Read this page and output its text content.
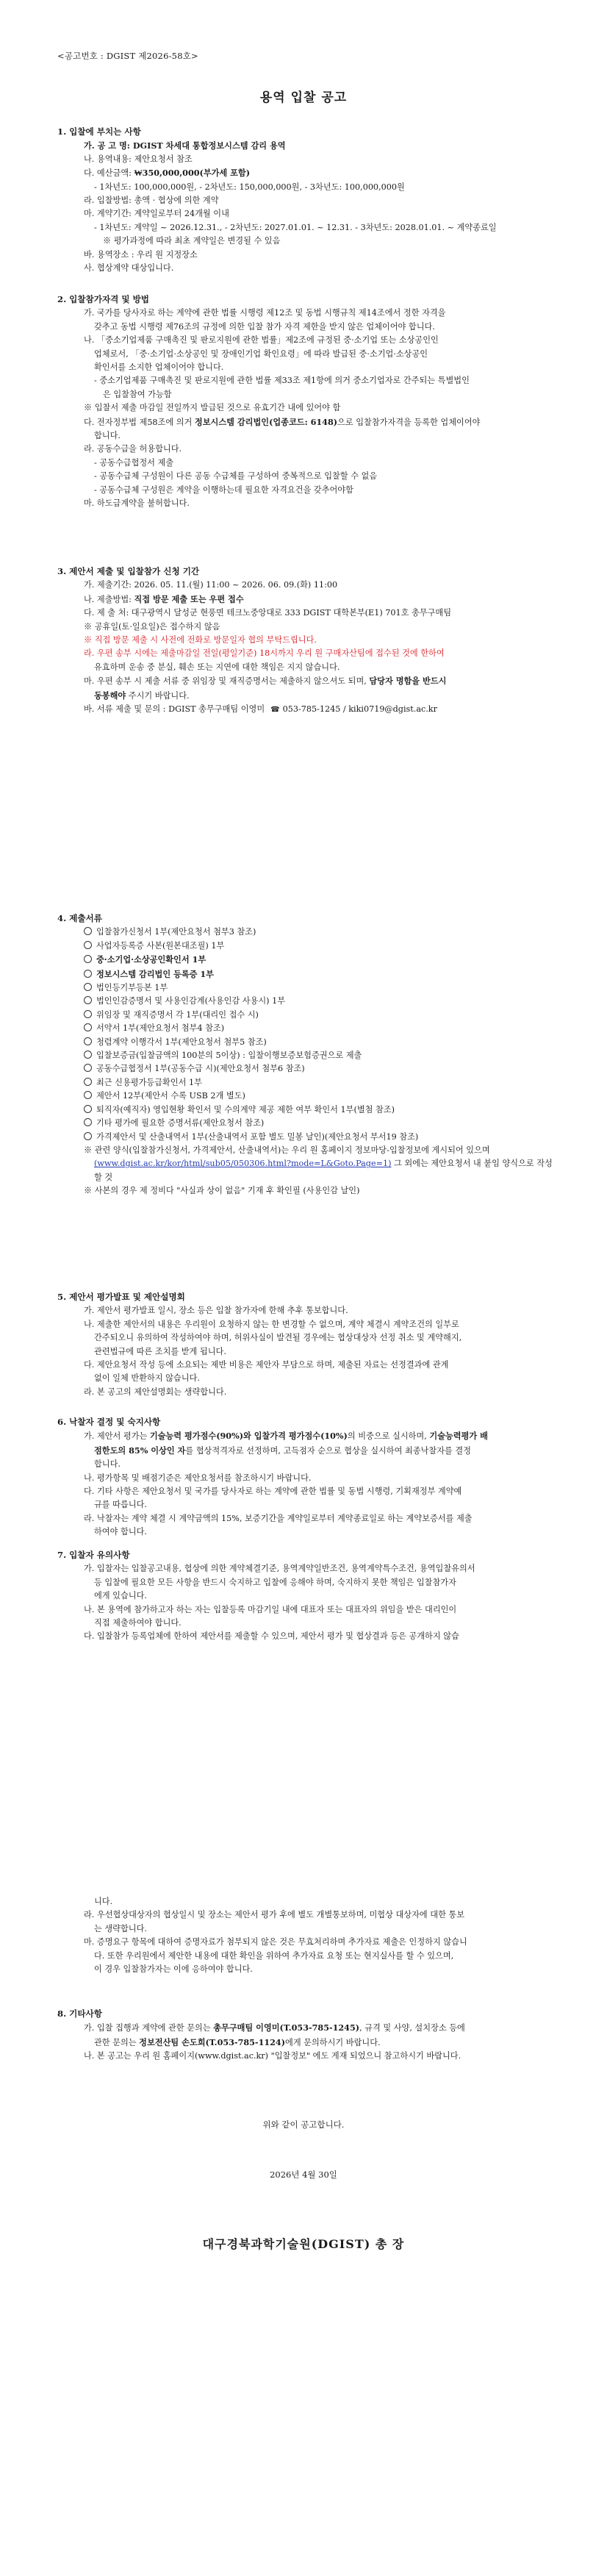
<공고번호 : DGIST 제2026-58호>
용역 입찰 공고
1. 입찰에 부치는 사항
가. 공 고 명: DGIST 차세대 통합정보시스템 감리 용역
나. 용역내용: 제안요청서 참조
다. 예산금액: ₩350,000,000(부가세 포함)
- 1차년도: 100,000,000원, - 2차년도: 150,000,000원, - 3차년도: 100,000,000원
라. 입찰방법: 총액 · 협상에 의한 계약
마. 계약기간: 계약일로부터 24개월 이내
- 1차년도: 계약일 ~ 2026.12.31., - 2차년도: 2027.01.01. ~ 12.31. - 3차년도: 2028.01.01. ~ 계약종료일
※ 평가과정에 따라 최초 계약일은 변경될 수 있음
바. 용역장소 : 우리 원 지정장소
사. 협상계약 대상입니다.
2. 입찰참가자격 및 방법
가. 국가를 당사자로 하는 계약에 관한 법률 시행령 제12조 및 동법 시행규칙 제14조에서 정한 자격을
갖추고 동법 시행령 제76조의 규정에 의한 입찰 참가 자격 제한을 받지 않은 업체이어야 합니다.
나. 「중소기업제품 구매촉진 및 판로지원에 관한 법률」제2조에 규정된 중·소기업 또는 소상공인인
업체로서, 「중·소기업·소상공인 및 장애인기업 확인요령」에 따라 발급된 중·소기업·소상공인
확인서를 소지한 업체이어야 합니다.
- 중소기업제품 구매촉진 및 판로지원에 관한 법률 제33조 제1항에 의거 중소기업자로 간주되는 특별법인
은 입찰참여 가능함
※ 입찰서 제출 마감일 전일까지 발급된 것으로 유효기간 내에 있어야 함
다. 전자정부법 제58조에 의거 정보시스템 감리법인(업종코드: 6148)으로 입찰참가자격을 등록한 업체이어야
합니다.
라. 공동수급을 허용합니다.
- 공동수급협정서 제출
- 공동수급체 구성원이 다른 공동 수급체를 구성하여 중복적으로 입찰할 수 없음
- 공동수급체 구성원은 계약을 이행하는데 필요한 자격요건을 갖추어야함
마. 하도급계약을 불허합니다.
3. 제안서 제출 및 입찰참가 신청 기간
가. 제출기간: 2026. 05. 11.(월) 11:00 ~ 2026. 06. 09.(화) 11:00
나. 제출방법: 직접 방문 제출 또는 우편 접수
다. 제 출 처: 대구광역시 달성군 현풍면 테크노중앙대로 333 DGIST 대학본부(E1) 701호 총무구매팀
※ 공휴일(토·일요일)은 접수하지 않음
※ 직접 방문 제출 시 사전에 전화로 방문일자 협의 부탁드립니다.
라. 우편 송부 시에는 제출마감일 전일(평일기준) 18시까지 우리 원 구매자산팀에 접수된 것에 한하여
유효하며 운송 중 분실, 훼손 또는 지연에 대한 책임은 지지 않습니다.
마. 우편 송부 시 제출 서류 중 위임장 및 재직증명서는 제출하지 않으셔도 되며, 담당자 명함을 반드시
동봉해야 주시기 바랍니다.
바. 서류 제출 및 문의 : DGIST 총무구매팀 이영미 ☎ 053-785-1245 / kiki0719@dgist.ac.kr
4. 제출서류
입찰참가신청서 1부(제안요청서 첨부3 참조)
사업자등록증 사본(원본대조필) 1부
중·소기업·소상공인확인서 1부
정보시스템 감리법인 등록증 1부
법인등기부등본 1부
법인인감증명서 및 사용인감계(사용인감 사용시) 1부
위임장 및 재직증명서 각 1부(대리인 접수 시)
서약서 1부(제안요청서 첨부4 참조)
청렴계약 이행각서 1부(제안요청서 첨부5 참조)
입찰보증금(입찰금액의 100분의 5이상) : 입찰이행보증보험증권으로 제출
공동수급협정서 1부(공동수급 시)(제안요청서 첨부6 참조)
최근 신용평가등급확인서 1부
제안서 12부(제안서 수록 USB 2개 별도)
퇴직자(예직자) 영입현황 확인서 및 수의계약 제공 제한 여부 확인서 1부(별첨 참조)
기타 평가에 필요한 증명서류(제안요청서 참조)
가격제안서 및 산출내역서 1부(산출내역서 포함 별도 밀봉 날인)(제안요청서 부서19 참조)
※ 관련 양식(입찰참가신청서, 가격제안서, 산출내역서)는 우리 원 홈페이지 정보마당-입찰정보에 게시되어 있으며
(www.dgist.ac.kr/kor/html/sub05/050306.html?mode=L&Goto.Page=1) 그 외에는 제안요청서 내 붙임 양식으로 작성할 것
※ 사본의 경우 제 정비다 "사실과 상이 없음" 기재 후 확인필 (사용인감 날인)
5. 제안서 평가발표 및 제안설명회
가. 제안서 평가발표 일시, 장소 등은 입찰 참가자에 한해 추후 통보합니다.
나. 제출한 제안서의 내용은 우리원이 요청하지 않는 한 변경할 수 없으며, 계약 체결시 계약조건의 일부로
간주되오니 유의하여 작성하여야 하며, 허위사실이 발견될 경우에는 협상대상자 선정 취소 및 계약해지,
관련법규에 따른 조치를 받게 됩니다.
다. 제안요청서 작성 등에 소요되는 제반 비용은 제안자 부담으로 하며, 제출된 자료는 선정결과에 관계
없이 일체 반환하지 않습니다.
라. 본 공고의 제안설명회는 생략합니다.
6. 낙찰자 결정 및 숙지사항
가. 제안서 평가는 기술능력 평가점수(90%)와 입찰가격 평가점수(10%)의 비중으로 실시하며, 기술능력평가 배
점한도의 85% 이상인 자를 협상적격자로 선정하며, 고득점자 순으로 협상을 실시하여 최종낙찰자를 결정
합니다.
나. 평가항목 및 배점기준은 제안요청서를 참조하시기 바랍니다.
다. 기타 사항은 제안요청서 및 국가를 당사자로 하는 계약에 관한 법률 및 동법 시행령, 기획재정부 계약예
규를 따릅니다.
라. 낙찰자는 계약 체결 시 계약금액의 15%, 보증기간을 계약일로부터 계약종료일로 하는 계약보증서를 제출
하여야 합니다.
7. 입찰자 유의사항
가. 입찰자는 입찰공고내용, 협상에 의한 계약체결기준, 용역계약일반조건, 용역계약특수조건, 용역입찰유의서
등 입찰에 필요한 모든 사항을 반드시 숙지하고 입찰에 응해야 하며, 숙지하지 못한 책임은 입찰참가자
에게 있습니다.
나. 본 용역에 참가하고자 하는 자는 입찰등록 마감기일 내에 대표자 또는 대표자의 위임을 받은 대리인이
직접 제출하여야 합니다.
다. 입찰참가 등록업체에 한하여 제안서를 제출할 수 있으며, 제안서 평가 및 협상결과 등은 공개하지 않습
니다.
라. 우선협상대상자의 협상일시 및 장소는 제안서 평가 후에 별도 개별통보하며, 미협상 대상자에 대한 통보
는 생략합니다.
마. 증명요구 항목에 대하여 증명자료가 첨부되지 않은 것은 무효처리하며 추가자료 제출은 인정하지 않습니
다. 또한 우리원에서 제안한 내용에 대한 확인을 위하여 추가자료 요청 또는 현지실사를 할 수 있으며,
이 경우 입찰참가자는 이에 응하여야 합니다.
8. 기타사항
가. 입찰 집행과 계약에 관한 문의는 총무구매팀 이영미(T.053-785-1245), 규격 및 사양, 설치장소 등에
관한 문의는 정보전산팀 손도희(T.053-785-1124)에게 문의하시기 바랍니다.
나. 본 공고는 우리 원 홈페이지(www.dgist.ac.kr) "입찰정보" 에도 게재 되었으니 참고하시기 바랍니다.
위와 같이 공고합니다.
2026년 4월 30일
대구경북과학기술원(DGIST) 총 장
